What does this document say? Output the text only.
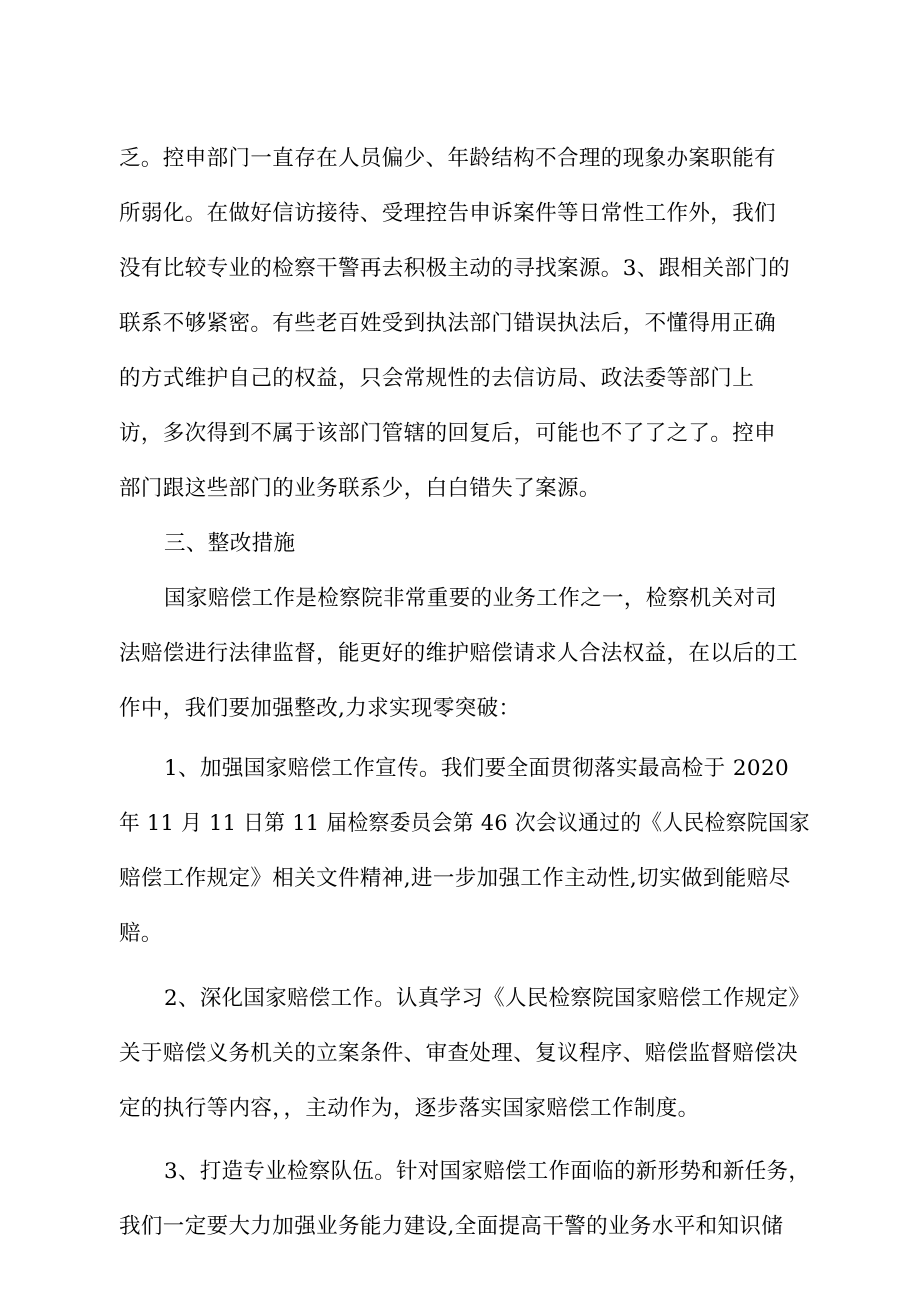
乏。控申部门一直存在人员偏少、年龄结构不合理的现象办案职能有
所弱化。在做好信访接待、受理控告申诉案件等日常性工作外，我们
没有比较专业的检察干警再去积极主动的寻找案源。3、跟相关部门的
联系不够紧密。有些老百姓受到执法部门错误执法后，不懂得用正确
的方式维护自己的权益，只会常规性的去信访局、政法委等部门上
访，多次得到不属于该部门管辖的回复后，可能也不了了之了。控申
部门跟这些部门的业务联系少，白白错失了案源。
三、整改措施
国家赔偿工作是检察院非常重要的业务工作之一，检察机关对司
法赔偿进行法律监督，能更好的维护赔偿请求人合法权益，在以后的工
作中，我们要加强整改,力求实现零突破：
1、加强国家赔偿工作宣传。我们要全面贯彻落实最高检于 2020
年 11 月 11 日第 11 届检察委员会第 46 次会议通过的《人民检察院国家
赔偿工作规定》相关文件精神,进一步加强工作主动性,切实做到能赔尽
赔。
2、深化国家赔偿工作。认真学习《人民检察院国家赔偿工作规定》
关于赔偿义务机关的立案条件、审查处理、复议程序、赔偿监督赔偿决
定的执行等内容，，主动作为，逐步落实国家赔偿工作制度。
3、打造专业检察队伍。针对国家赔偿工作面临的新形势和新任务，
我们一定要大力加强业务能力建设,全面提高干警的业务水平和知识储
